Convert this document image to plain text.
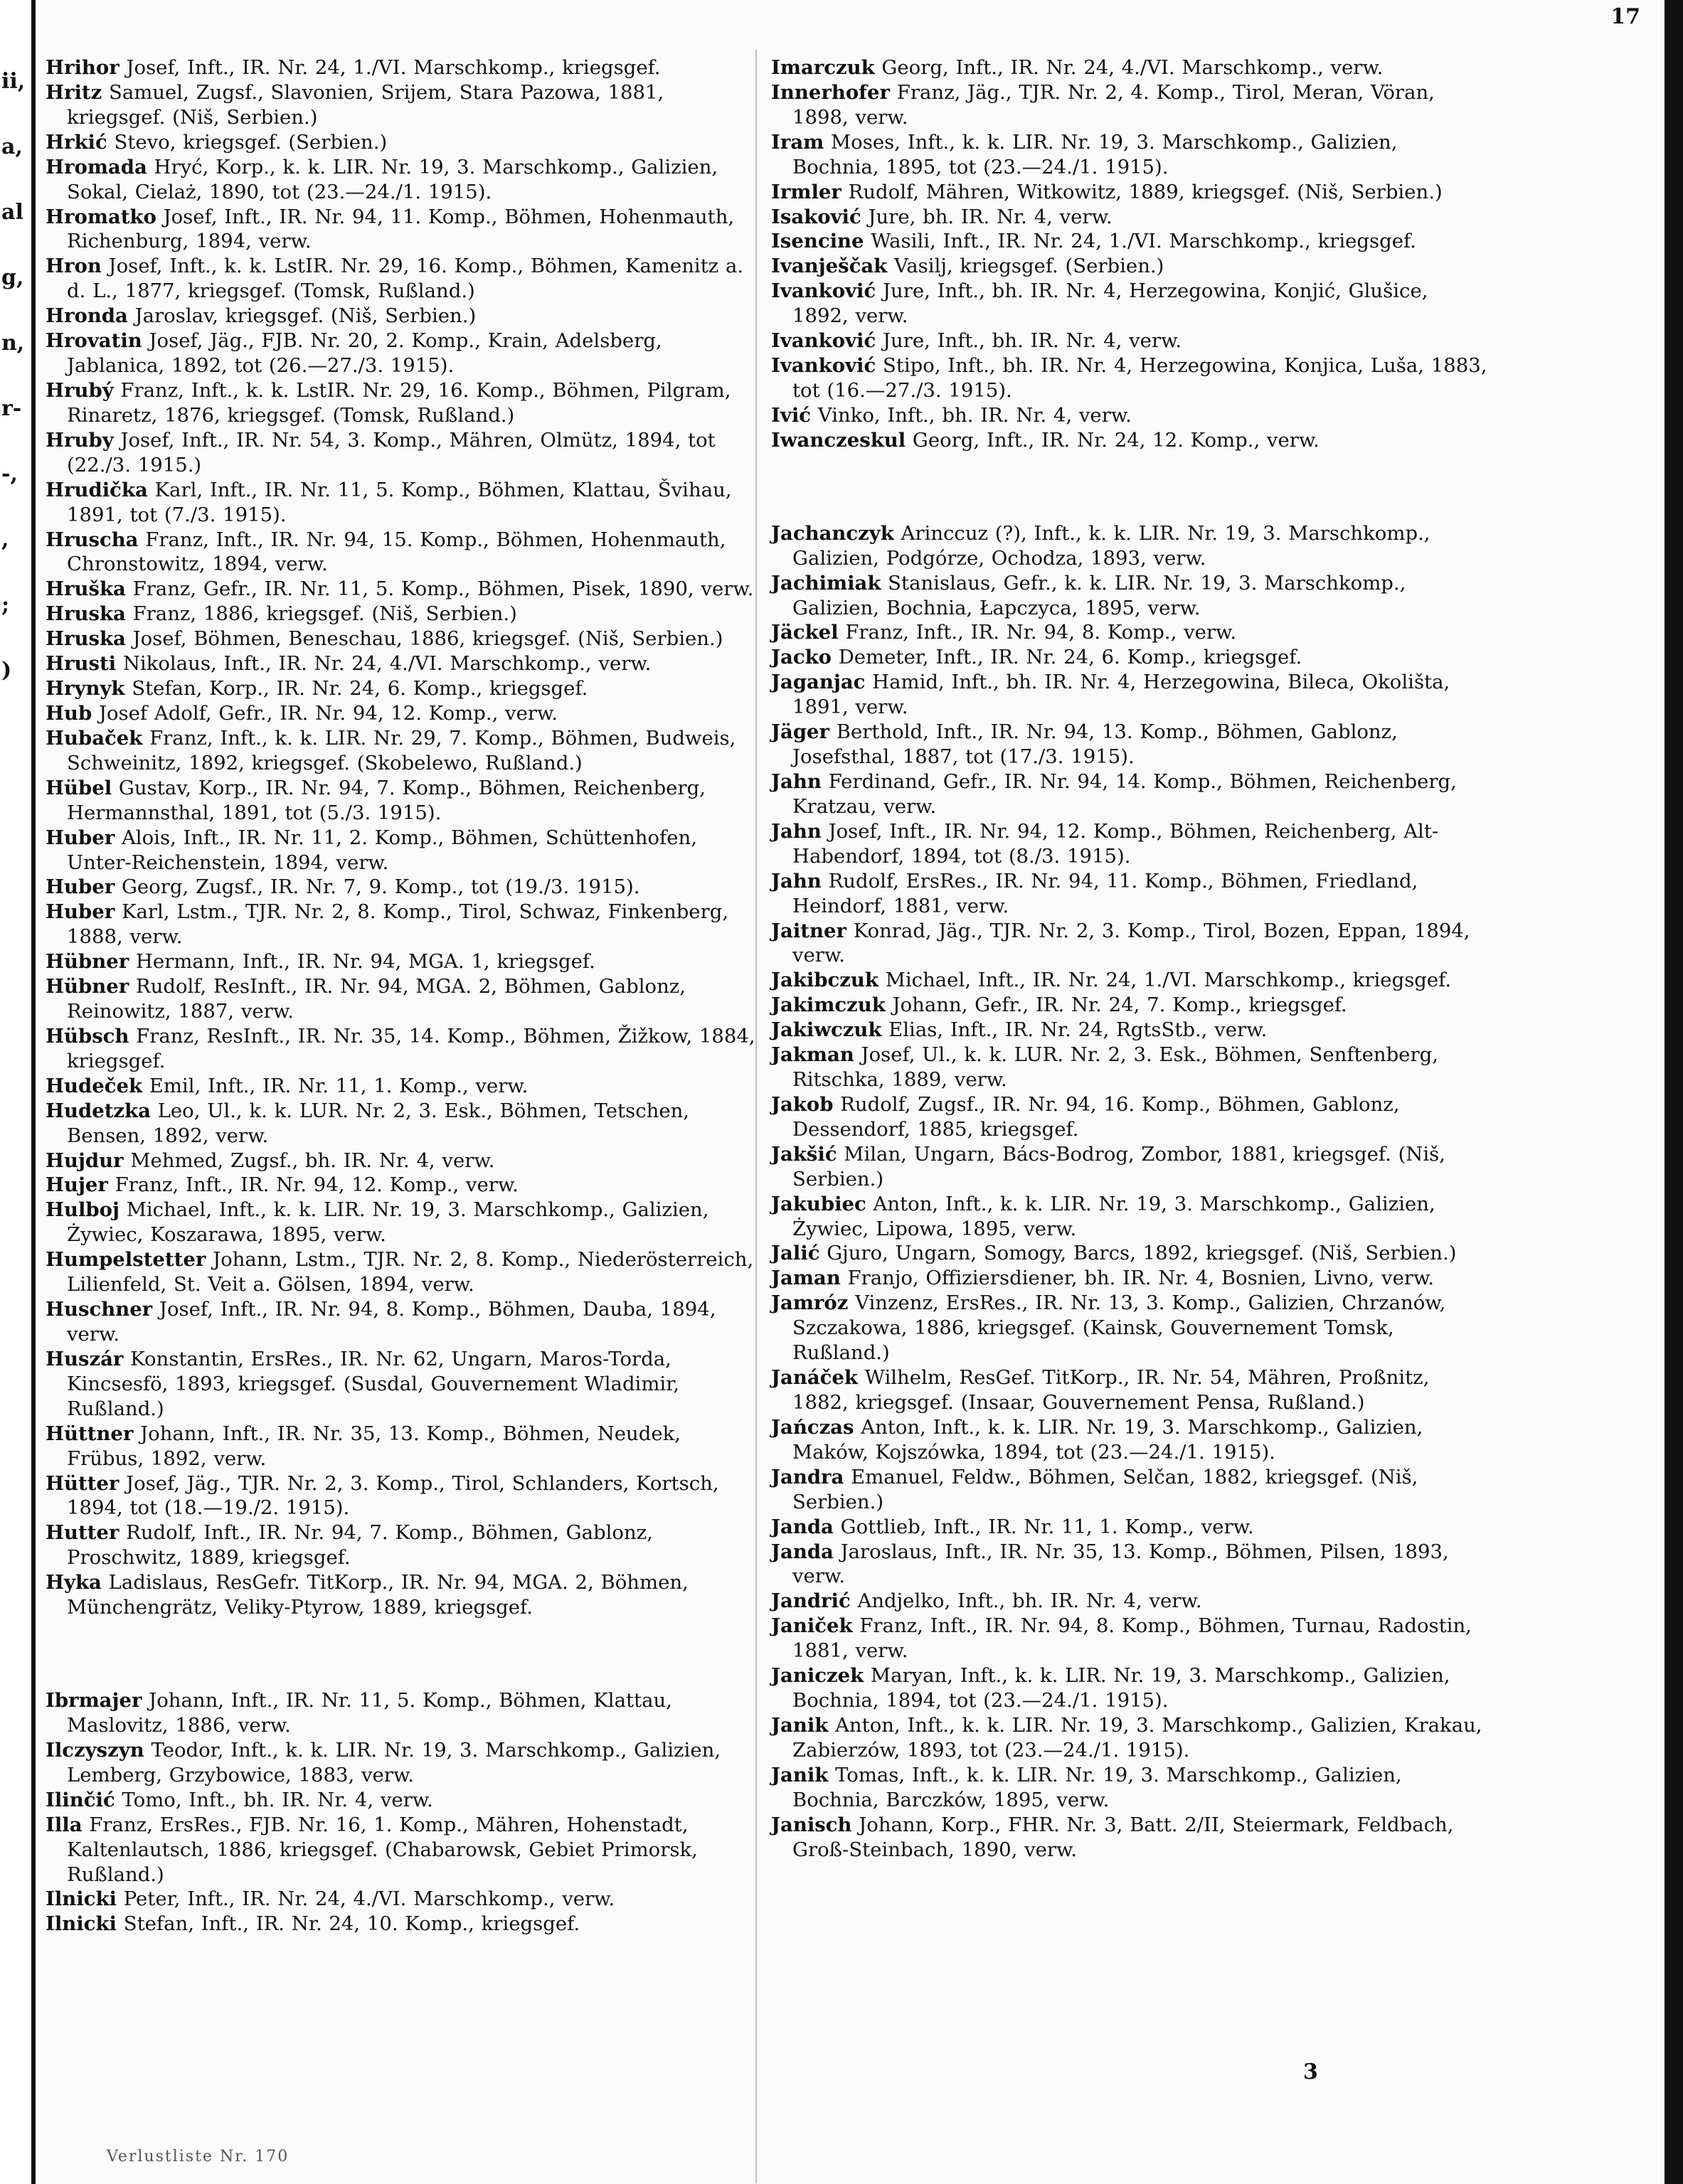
ii,
a,
al
g,
n,
r-
-,
,
;
)
17

Hrihor Josef, Inft., IR. Nr. 24, 1./VI. Marschkomp., kriegsgef.

Hritz Samuel, Zugsf., Slavonien, Srijem, Stara Pazowa, 1881, kriegsgef. (Niš, Serbien.)

Hrkić Stevo, kriegsgef. (Serbien.)

Hromada Hryć, Korp., k. k. LIR. Nr. 19, 3. Marschkomp., Galizien, Sokal, Cielaż, 1890, tot (23.—24./1. 1915).

Hromatko Josef, Inft., IR. Nr. 94, 11. Komp., Böhmen, Hohenmauth, Richenburg, 1894, verw.

Hron Josef, Inft., k. k. LstIR. Nr. 29, 16. Komp., Böhmen, Kamenitz a. d. L., 1877, kriegsgef. (Tomsk, Rußland.)

Hronda Jaroslav, kriegsgef. (Niš, Serbien.)

Hrovatin Josef, Jäg., FJB. Nr. 20, 2. Komp., Krain, Adelsberg, Jablanica, 1892, tot (26.—27./3. 1915).

Hrubý Franz, Inft., k. k. LstIR. Nr. 29, 16. Komp., Böhmen, Pilgram, Rinaretz, 1876, kriegsgef. (Tomsk, Rußland.)

Hruby Josef, Inft., IR. Nr. 54, 3. Komp., Mähren, Olmütz, 1894, tot (22./3. 1915.)

Hrudička Karl, Inft., IR. Nr. 11, 5. Komp., Böhmen, Klattau, Švihau, 1891, tot (7./3. 1915).

Hruscha Franz, Inft., IR. Nr. 94, 15. Komp., Böhmen, Hohenmauth, Chronstowitz, 1894, verw.

Hruška Franz, Gefr., IR. Nr. 11, 5. Komp., Böhmen, Pisek, 1890, verw.

Hruska Franz, 1886, kriegsgef. (Niš, Serbien.)

Hruska Josef, Böhmen, Beneschau, 1886, kriegsgef. (Niš, Serbien.)

Hrusti Nikolaus, Inft., IR. Nr. 24, 4./VI. Marschkomp., verw.

Hrynyk Stefan, Korp., IR. Nr. 24, 6. Komp., kriegsgef.

Hub Josef Adolf, Gefr., IR. Nr. 94, 12. Komp., verw.

Hubaček Franz, Inft., k. k. LIR. Nr. 29, 7. Komp., Böhmen, Budweis, Schweinitz, 1892, kriegsgef. (Skobelewo, Rußland.)

Hübel Gustav, Korp., IR. Nr. 94, 7. Komp., Böhmen, Reichenberg, Hermannsthal, 1891, tot (5./3. 1915).

Huber Alois, Inft., IR. Nr. 11, 2. Komp., Böhmen, Schüttenhofen, Unter-Reichenstein, 1894, verw.

Huber Georg, Zugsf., IR. Nr. 7, 9. Komp., tot (19./3. 1915).

Huber Karl, Lstm., TJR. Nr. 2, 8. Komp., Tirol, Schwaz, Finkenberg, 1888, verw.

Hübner Hermann, Inft., IR. Nr. 94, MGA. 1, kriegsgef.

Hübner Rudolf, ResInft., IR. Nr. 94, MGA. 2, Böhmen, Gablonz, Reinowitz, 1887, verw.

Hübsch Franz, ResInft., IR. Nr. 35, 14. Komp., Böhmen, Žižkow, 1884, kriegsgef.

Hudeček Emil, Inft., IR. Nr. 11, 1. Komp., verw.

Hudetzka Leo, Ul., k. k. LUR. Nr. 2, 3. Esk., Böhmen, Tetschen, Bensen, 1892, verw.

Hujdur Mehmed, Zugsf., bh. IR. Nr. 4, verw.

Hujer Franz, Inft., IR. Nr. 94, 12. Komp., verw.

Hulboj Michael, Inft., k. k. LIR. Nr. 19, 3. Marschkomp., Galizien, Żywiec, Koszarawa, 1895, verw.

Humpelstetter Johann, Lstm., TJR. Nr. 2, 8. Komp., Niederösterreich, Lilienfeld, St. Veit a. Gölsen, 1894, verw.

Huschner Josef, Inft., IR. Nr. 94, 8. Komp., Böhmen, Dauba, 1894, verw.

Huszár Konstantin, ErsRes., IR. Nr. 62, Ungarn, Maros-Torda, Kincsesfö, 1893, kriegsgef. (Susdal, Gouvernement Wladimir, Rußland.)

Hüttner Johann, Inft., IR. Nr. 35, 13. Komp., Böhmen, Neudek, Frübus, 1892, verw.

Hütter Josef, Jäg., TJR. Nr. 2, 3. Komp., Tirol, Schlanders, Kortsch, 1894, tot (18.—19./2. 1915).

Hutter Rudolf, Inft., IR. Nr. 94, 7. Komp., Böhmen, Gablonz, Proschwitz, 1889, kriegsgef.

Hyka Ladislaus, ResGefr. TitKorp., IR. Nr. 94, MGA. 2, Böhmen, Münchengrätz, Veliky-Ptyrow, 1889, kriegsgef.

Ibrmajer Johann, Inft., IR. Nr. 11, 5. Komp., Böhmen, Klattau, Maslovitz, 1886, verw.

Ilczyszyn Teodor, Inft., k. k. LIR. Nr. 19, 3. Marschkomp., Galizien, Lemberg, Grzybowice, 1883, verw.

Ilinčić Tomo, Inft., bh. IR. Nr. 4, verw.

Illa Franz, ErsRes., FJB. Nr. 16, 1. Komp., Mähren, Hohenstadt, Kaltenlautsch, 1886, kriegsgef. (Chabarowsk, Gebiet Primorsk, Rußland.)

Ilnicki Peter, Inft., IR. Nr. 24, 4./VI. Marschkomp., verw.

Ilnicki Stefan, Inft., IR. Nr. 24, 10. Komp., kriegsgef.

Imarczuk Georg, Inft., IR. Nr. 24, 4./VI. Marschkomp., verw.

Innerhofer Franz, Jäg., TJR. Nr. 2, 4. Komp., Tirol, Meran, Vöran, 1898, verw.

Iram Moses, Inft., k. k. LIR. Nr. 19, 3. Marschkomp., Galizien, Bochnia, 1895, tot (23.—24./1. 1915).

Irmler Rudolf, Mähren, Witkowitz, 1889, kriegsgef. (Niš, Serbien.)

Isaković Jure, bh. IR. Nr. 4, verw.

Isencine Wasili, Inft., IR. Nr. 24, 1./VI. Marschkomp., kriegsgef.

Ivanješčak Vasilj, kriegsgef. (Serbien.)

Ivanković Jure, Inft., bh. IR. Nr. 4, Herzegowina, Konjić, Glušice, 1892, verw.

Ivanković Jure, Inft., bh. IR. Nr. 4, verw.

Ivanković Stipo, Inft., bh. IR. Nr. 4, Herzegowina, Konjica, Luša, 1883, tot (16.—27./3. 1915).

Ivić Vinko, Inft., bh. IR. Nr. 4, verw.

Iwanczeskul Georg, Inft., IR. Nr. 24, 12. Komp., verw.

Jachanczyk Arinccuz (?), Inft., k. k. LIR. Nr. 19, 3. Marschkomp., Galizien, Podgórze, Ochodza, 1893, verw.

Jachimiak Stanislaus, Gefr., k. k. LIR. Nr. 19, 3. Marschkomp., Galizien, Bochnia, Łapczyca, 1895, verw.

Jäckel Franz, Inft., IR. Nr. 94, 8. Komp., verw.

Jacko Demeter, Inft., IR. Nr. 24, 6. Komp., kriegsgef.

Jaganjac Hamid, Inft., bh. IR. Nr. 4, Herzegowina, Bileca, Okolišta, 1891, verw.

Jäger Berthold, Inft., IR. Nr. 94, 13. Komp., Böhmen, Gablonz, Josefsthal, 1887, tot (17./3. 1915).

Jahn Ferdinand, Gefr., IR. Nr. 94, 14. Komp., Böhmen, Reichenberg, Kratzau, verw.

Jahn Josef, Inft., IR. Nr. 94, 12. Komp., Böhmen, Reichenberg, Alt-Habendorf, 1894, tot (8./3. 1915).

Jahn Rudolf, ErsRes., IR. Nr. 94, 11. Komp., Böhmen, Friedland, Heindorf, 1881, verw.

Jaitner Konrad, Jäg., TJR. Nr. 2, 3. Komp., Tirol, Bozen, Eppan, 1894, verw.

Jakibczuk Michael, Inft., IR. Nr. 24, 1./VI. Marschkomp., kriegsgef.

Jakimczuk Johann, Gefr., IR. Nr. 24, 7. Komp., kriegsgef.

Jakiwczuk Elias, Inft., IR. Nr. 24, RgtsStb., verw.

Jakman Josef, Ul., k. k. LUR. Nr. 2, 3. Esk., Böhmen, Senftenberg, Ritschka, 1889, verw.

Jakob Rudolf, Zugsf., IR. Nr. 94, 16. Komp., Böhmen, Gablonz, Dessendorf, 1885, kriegsgef.

Jakšić Milan, Ungarn, Bács-Bodrog, Zombor, 1881, kriegsgef. (Niš, Serbien.)

Jakubiec Anton, Inft., k. k. LIR. Nr. 19, 3. Marschkomp., Galizien, Żywiec, Lipowa, 1895, verw.

Jalić Gjuro, Ungarn, Somogy, Barcs, 1892, kriegsgef. (Niš, Serbien.)

Jaman Franjo, Offiziersdiener, bh. IR. Nr. 4, Bosnien, Livno, verw.

Jamróz Vinzenz, ErsRes., IR. Nr. 13, 3. Komp., Galizien, Chrzanów, Szczakowa, 1886, kriegsgef. (Kainsk, Gouvernement Tomsk, Rußland.)

Janáček Wilhelm, ResGef. TitKorp., IR. Nr. 54, Mähren, Proßnitz, 1882, kriegsgef. (Insaar, Gouvernement Pensa, Rußland.)

Jańczas Anton, Inft., k. k. LIR. Nr. 19, 3. Marschkomp., Galizien, Maków, Kojszówka, 1894, tot (23.—24./1. 1915).

Jandra Emanuel, Feldw., Böhmen, Selčan, 1882, kriegsgef. (Niš, Serbien.)

Janda Gottlieb, Inft., IR. Nr. 11, 1. Komp., verw.

Janda Jaroslaus, Inft., IR. Nr. 35, 13. Komp., Böhmen, Pilsen, 1893, verw.

Jandrić Andjelko, Inft., bh. IR. Nr. 4, verw.

Janiček Franz, Inft., IR. Nr. 94, 8. Komp., Böhmen, Turnau, Radostin, 1881, verw.

Janiczek Maryan, Inft., k. k. LIR. Nr. 19, 3. Marschkomp., Galizien, Bochnia, 1894, tot (23.—24./1. 1915).

Janik Anton, Inft., k. k. LIR. Nr. 19, 3. Marschkomp., Galizien, Krakau, Zabierzów, 1893, tot (23.—24./1. 1915).

Janik Tomas, Inft., k. k. LIR. Nr. 19, 3. Marschkomp., Galizien, Bochnia, Barczków, 1895, verw.

Janisch Johann, Korp., FHR. Nr. 3, Batt. 2/II, Steiermark, Feldbach, Groß-Steinbach, 1890, verw.

3
Verlustliste Nr. 170
